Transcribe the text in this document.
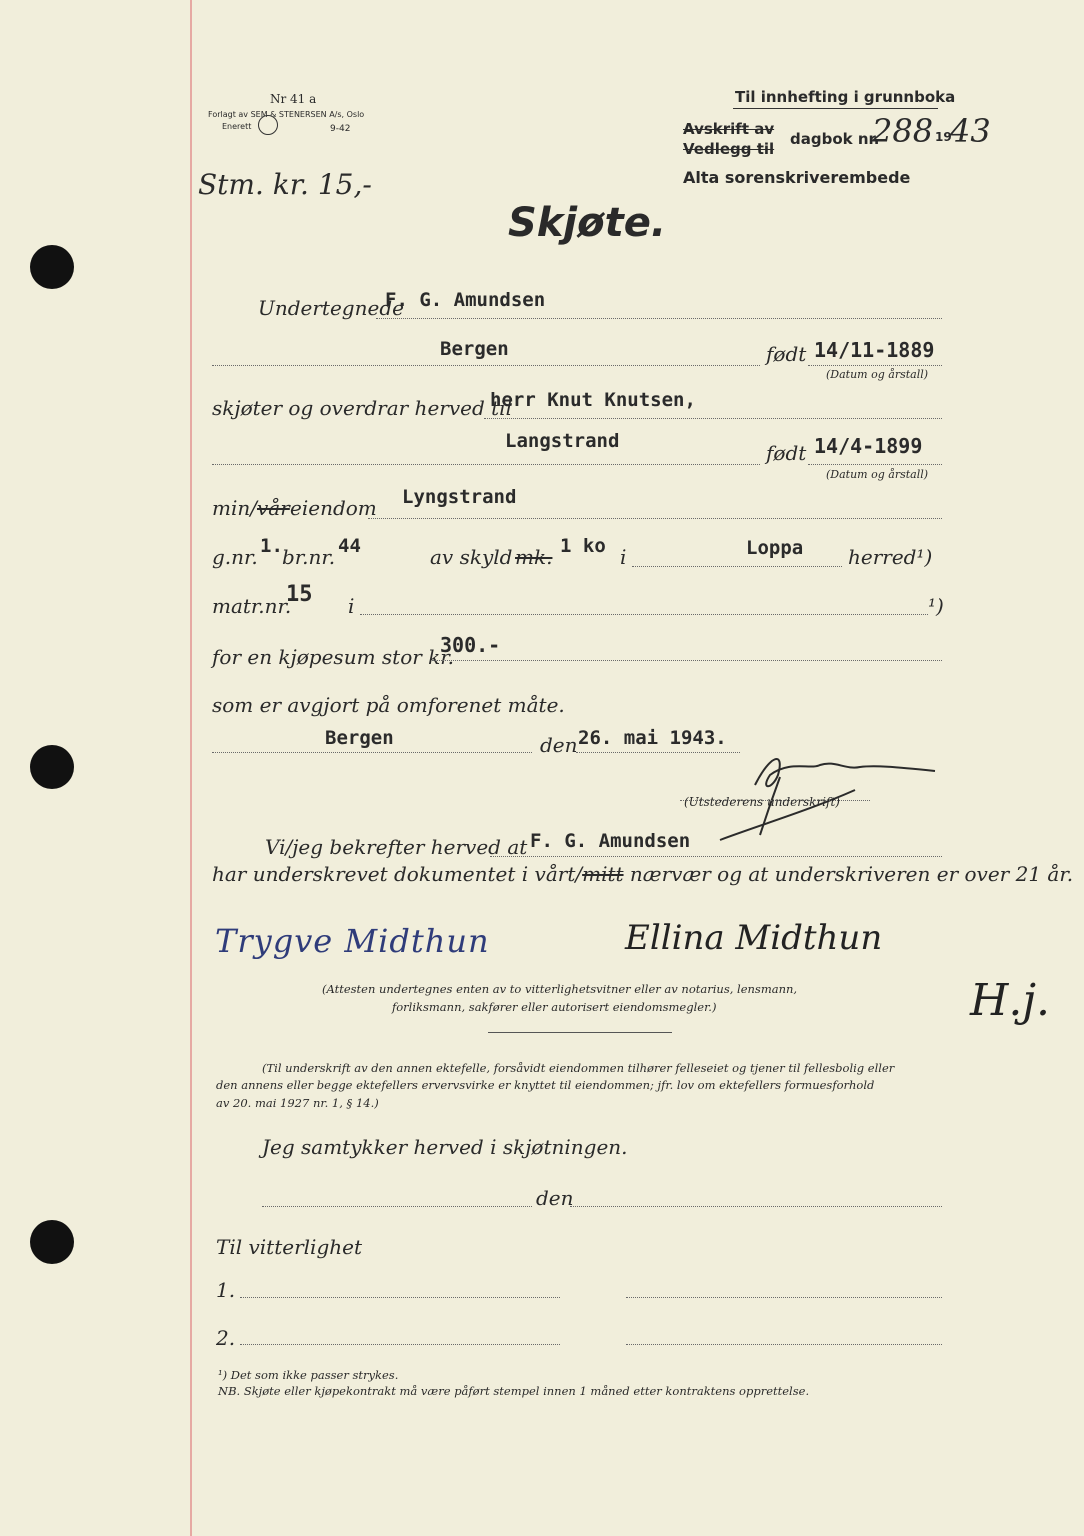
Nr 41 a
Forlagt av SEM & STENERSEN A/s, Oslo
Enerett	9-42
Stm. kr. 15,-
Til innhefting i grunnboka
Avskrift av
Vedlegg til
dagbok nr.
288 19
43
Alta sorenskriverembede
Skjøte.
Undertegnede
F. G. Amundsen
Bergen	født 14/11-1889
(Datum og årstall)
skjøter og overdrar herved til
herr Knut Knutsen,
Langstrand	født 14/4-1899
(Datum og årstall)
min/vår eiendom Lyngstrand
g.nr. 1. br.nr. 44	av skyld mk. 1 ko i	Loppa herred¹)
matr.nr.
15 i	¹)
for en kjøpesum stor kr.
300.-
som er avgjort på omforenet måte.
Bergen	den 26. mai 1943.
(Utstederens underskrift)
Vi/jeg bekrefter herved at F. G. Amundsen
har underskrevet dokumentet i vårt/mitt nærvær og at underskriveren er over 21 år.
Trygve Midthun	Ellina Midthun
H.j.
(Attesten undertegnes enten av to vitterlighetsvitner eller av notarius, lensmann,
forliksmann, sakfører eller autorisert eiendomsmegler.)
(Til underskrift av den annen ektefelle, forsåvidt eiendommen tilhører felleseiet og tjener til fellesbolig eller
den annens eller begge ektefellers ervervsvirke er knyttet til eiendommen; jfr. lov om ektefellers formuesforhold
av 20. mai 1927 nr. 1, § 14.)
Jeg samtykker herved i skjøtningen.
den
Til vitterlighet
1.
2.
¹) Det som ikke passer strykes.
NB. Skjøte eller kjøpekontrakt må være påført stempel innen 1 måned etter kontraktens opprettelse.
